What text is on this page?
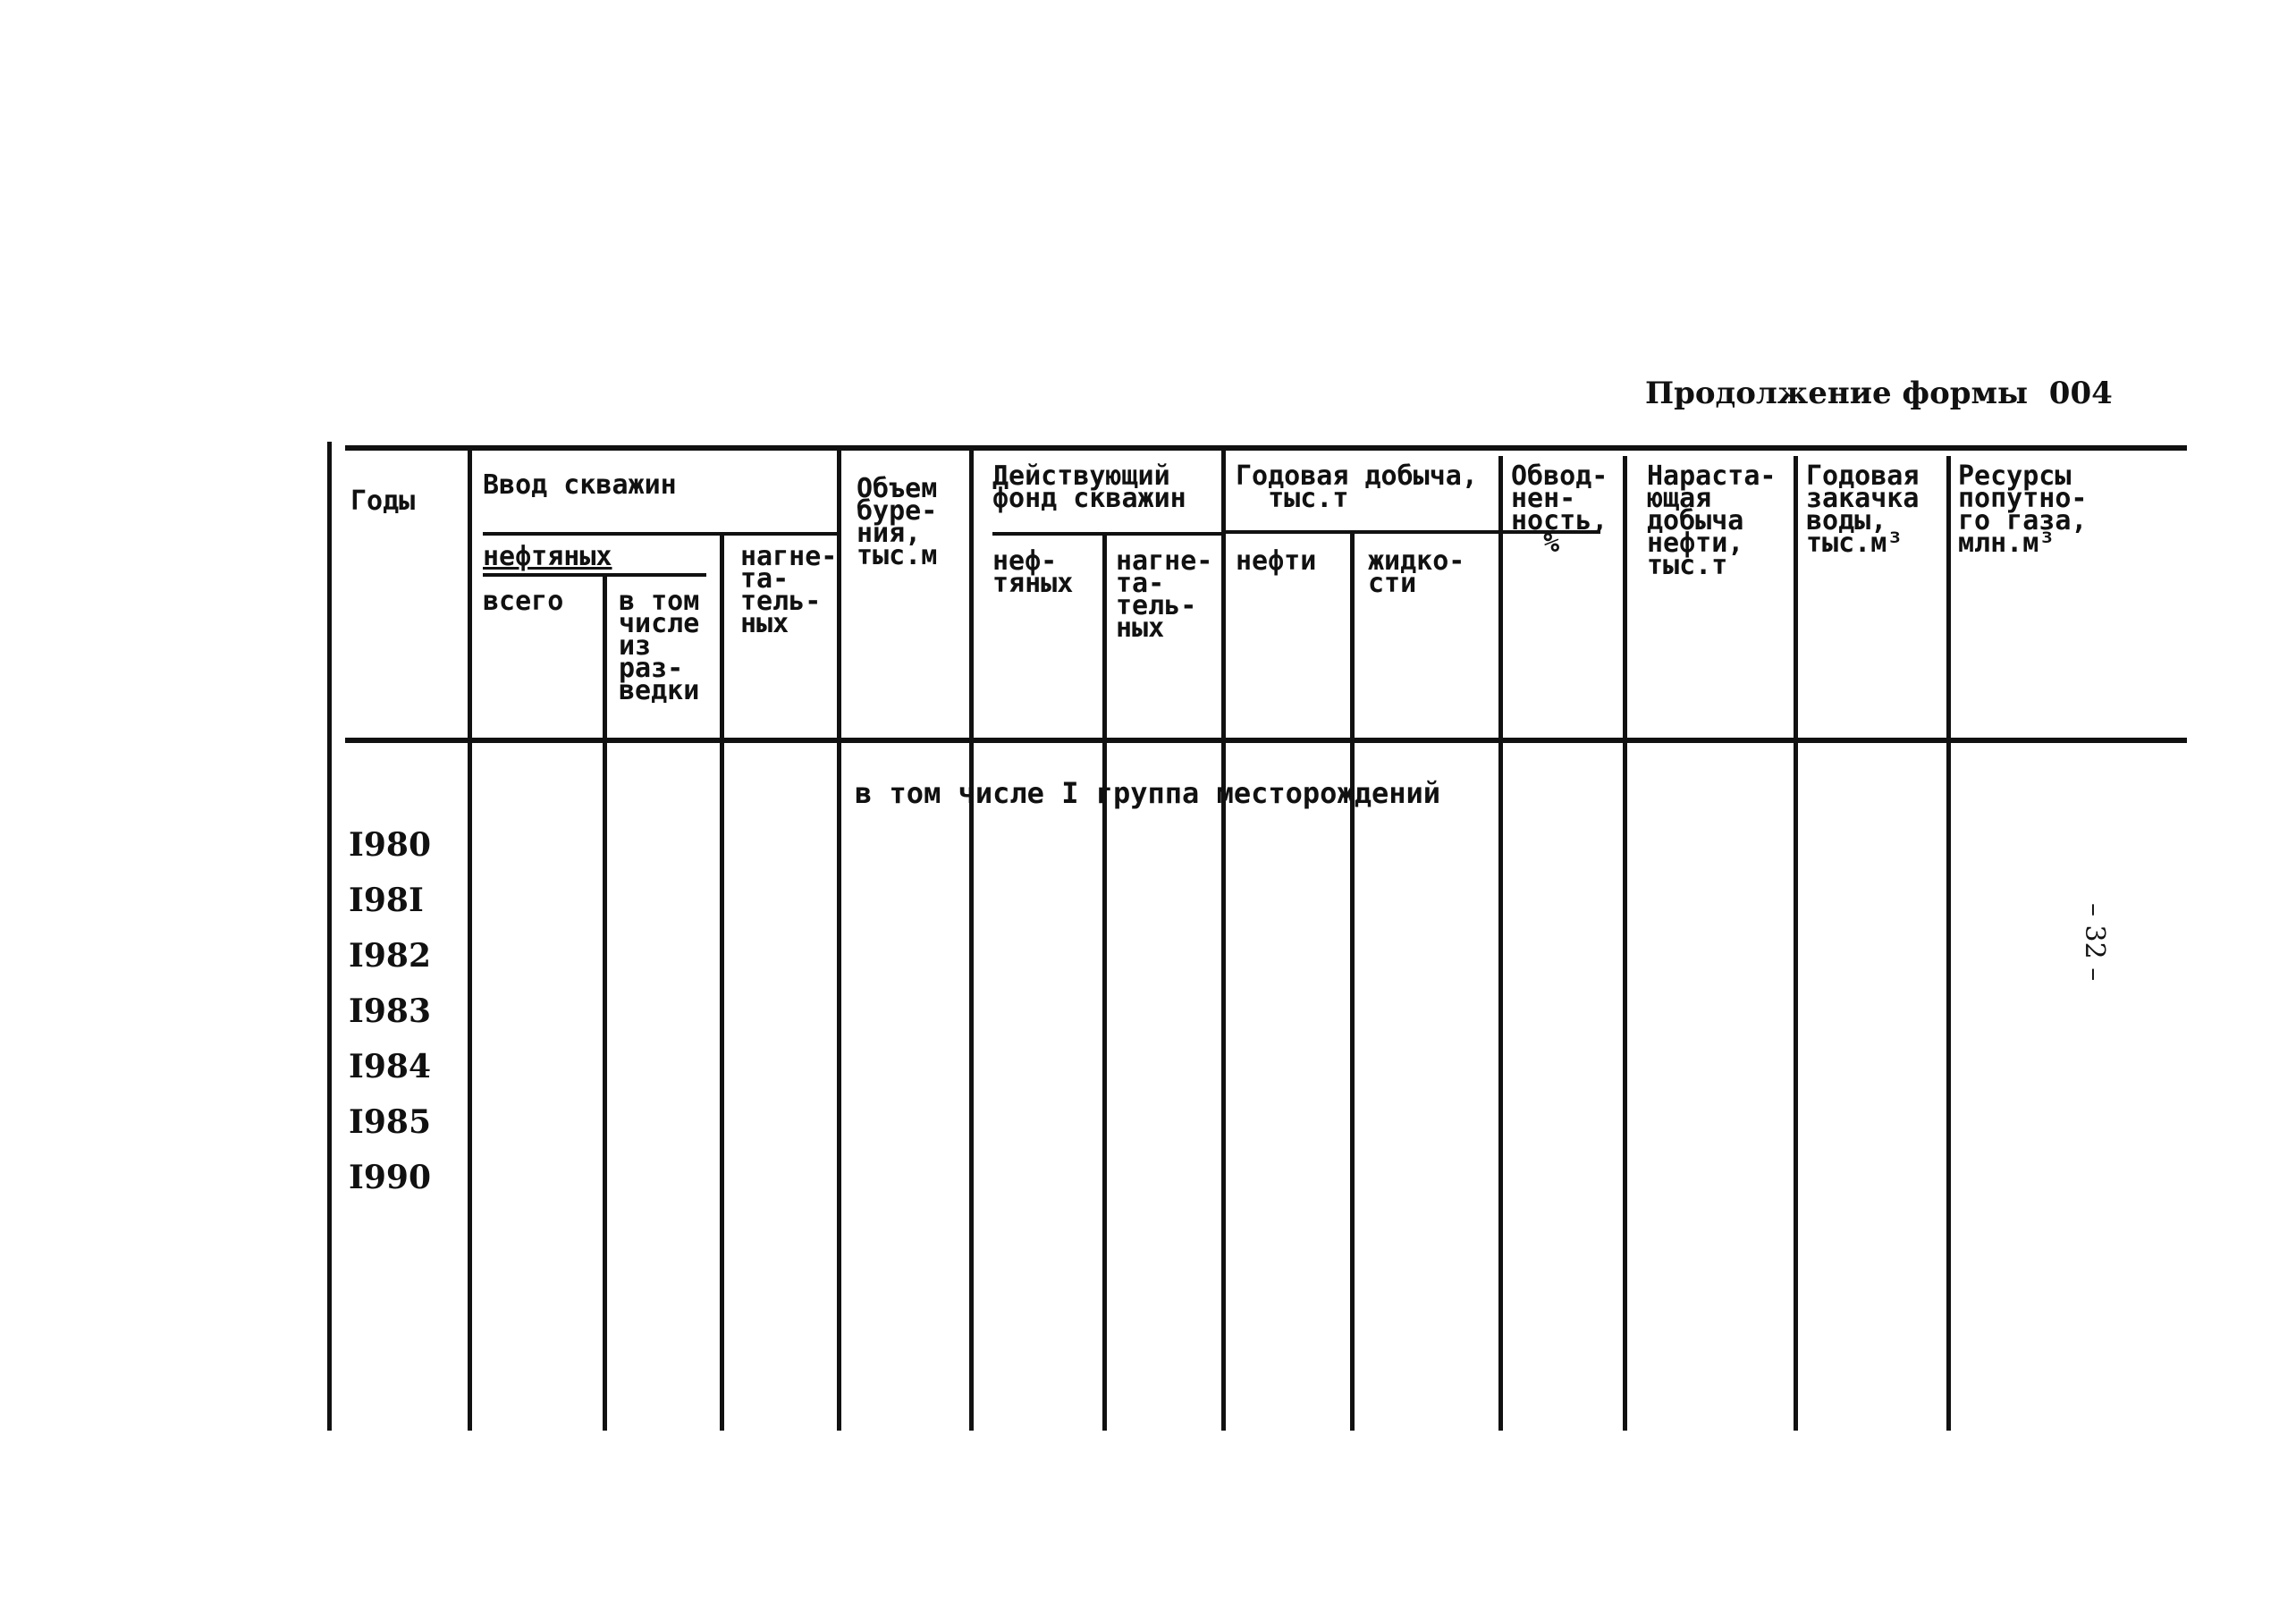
Продолжение формы  004
Годы
Ввод скважин
нефтяных
всего в том
числе
из
раз-
ведки
нагне-
та-
тель-
ных
Объем
буре-
ния,
тыс.м
Действующий
фонд скважин
неф-
тяных
нагне-
та-
тель-
ных
Годовая добыча,
тыс.т
нефти жидко-
сти
Обвод-
нен-
ность,
%
Нараста-
ющая
добыча
нефти,
тыс.т
Годовая
закачка
воды,
тыс.м³
Ресурсы
попутно-
го газа,
млн.м³
в том числе I группа месторождений
I980
I98I
I982
I983
I984
I985
I990
– 32 –
